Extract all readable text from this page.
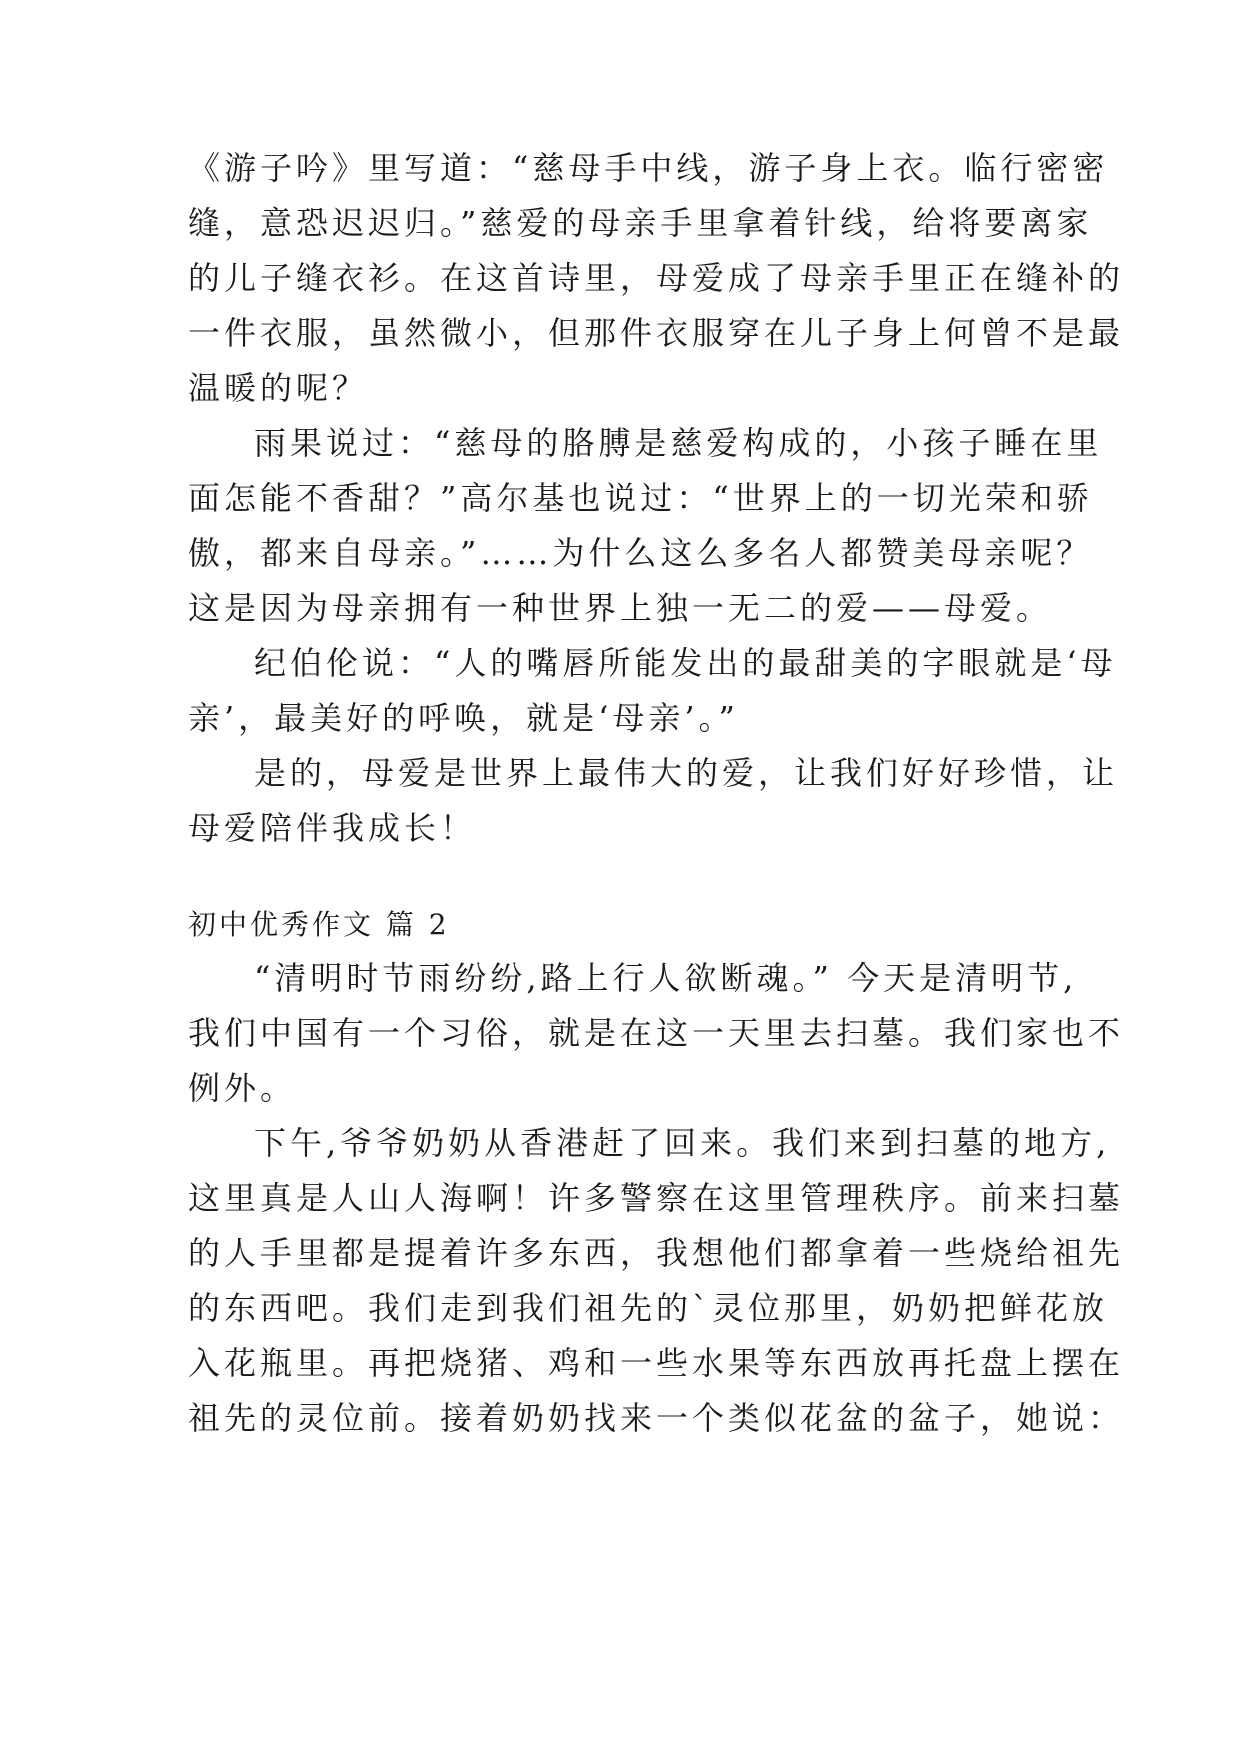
《游子吟》里写道：“慈母手中线，游子身上衣。临行密密
缝，意恐迟迟归。”慈爱的母亲手里拿着针线，给将要离家
的儿子缝衣衫。在这首诗里，母爱成了母亲手里正在缝补的
一件衣服，虽然微小，但那件衣服穿在儿子身上何曾不是最
温暖的呢？
雨果说过：“慈母的胳膊是慈爱构成的，小孩子睡在里
面怎能不香甜？”高尔基也说过：“世界上的一切光荣和骄
傲，都来自母亲。”……为什么这么多名人都赞美母亲呢？
这是因为母亲拥有一种世界上独一无二的爱——母爱。
纪伯伦说：“人的嘴唇所能发出的最甜美的字眼就是‘母
亲’，最美好的呼唤，就是‘母亲’。”
是的，母爱是世界上最伟大的爱，让我们好好珍惜，让
母爱陪伴我成长！
初中优秀作文 篇 2
“清明时节雨纷纷,路上行人欲断魂。” 今天是清明节,
我们中国有一个习俗，就是在这一天里去扫墓。我们家也不
例外。
下午,爷爷奶奶从香港赶了回来。我们来到扫墓的地方,
这里真是人山人海啊！许多警察在这里管理秩序。前来扫墓
的人手里都是提着许多东西，我想他们都拿着一些烧给祖先
的东西吧。我们走到我们祖先的`灵位那里，奶奶把鲜花放
入花瓶里。再把烧猪、鸡和一些水果等东西放再托盘上摆在
祖先的灵位前。接着奶奶找来一个类似花盆的盆子，她说：
